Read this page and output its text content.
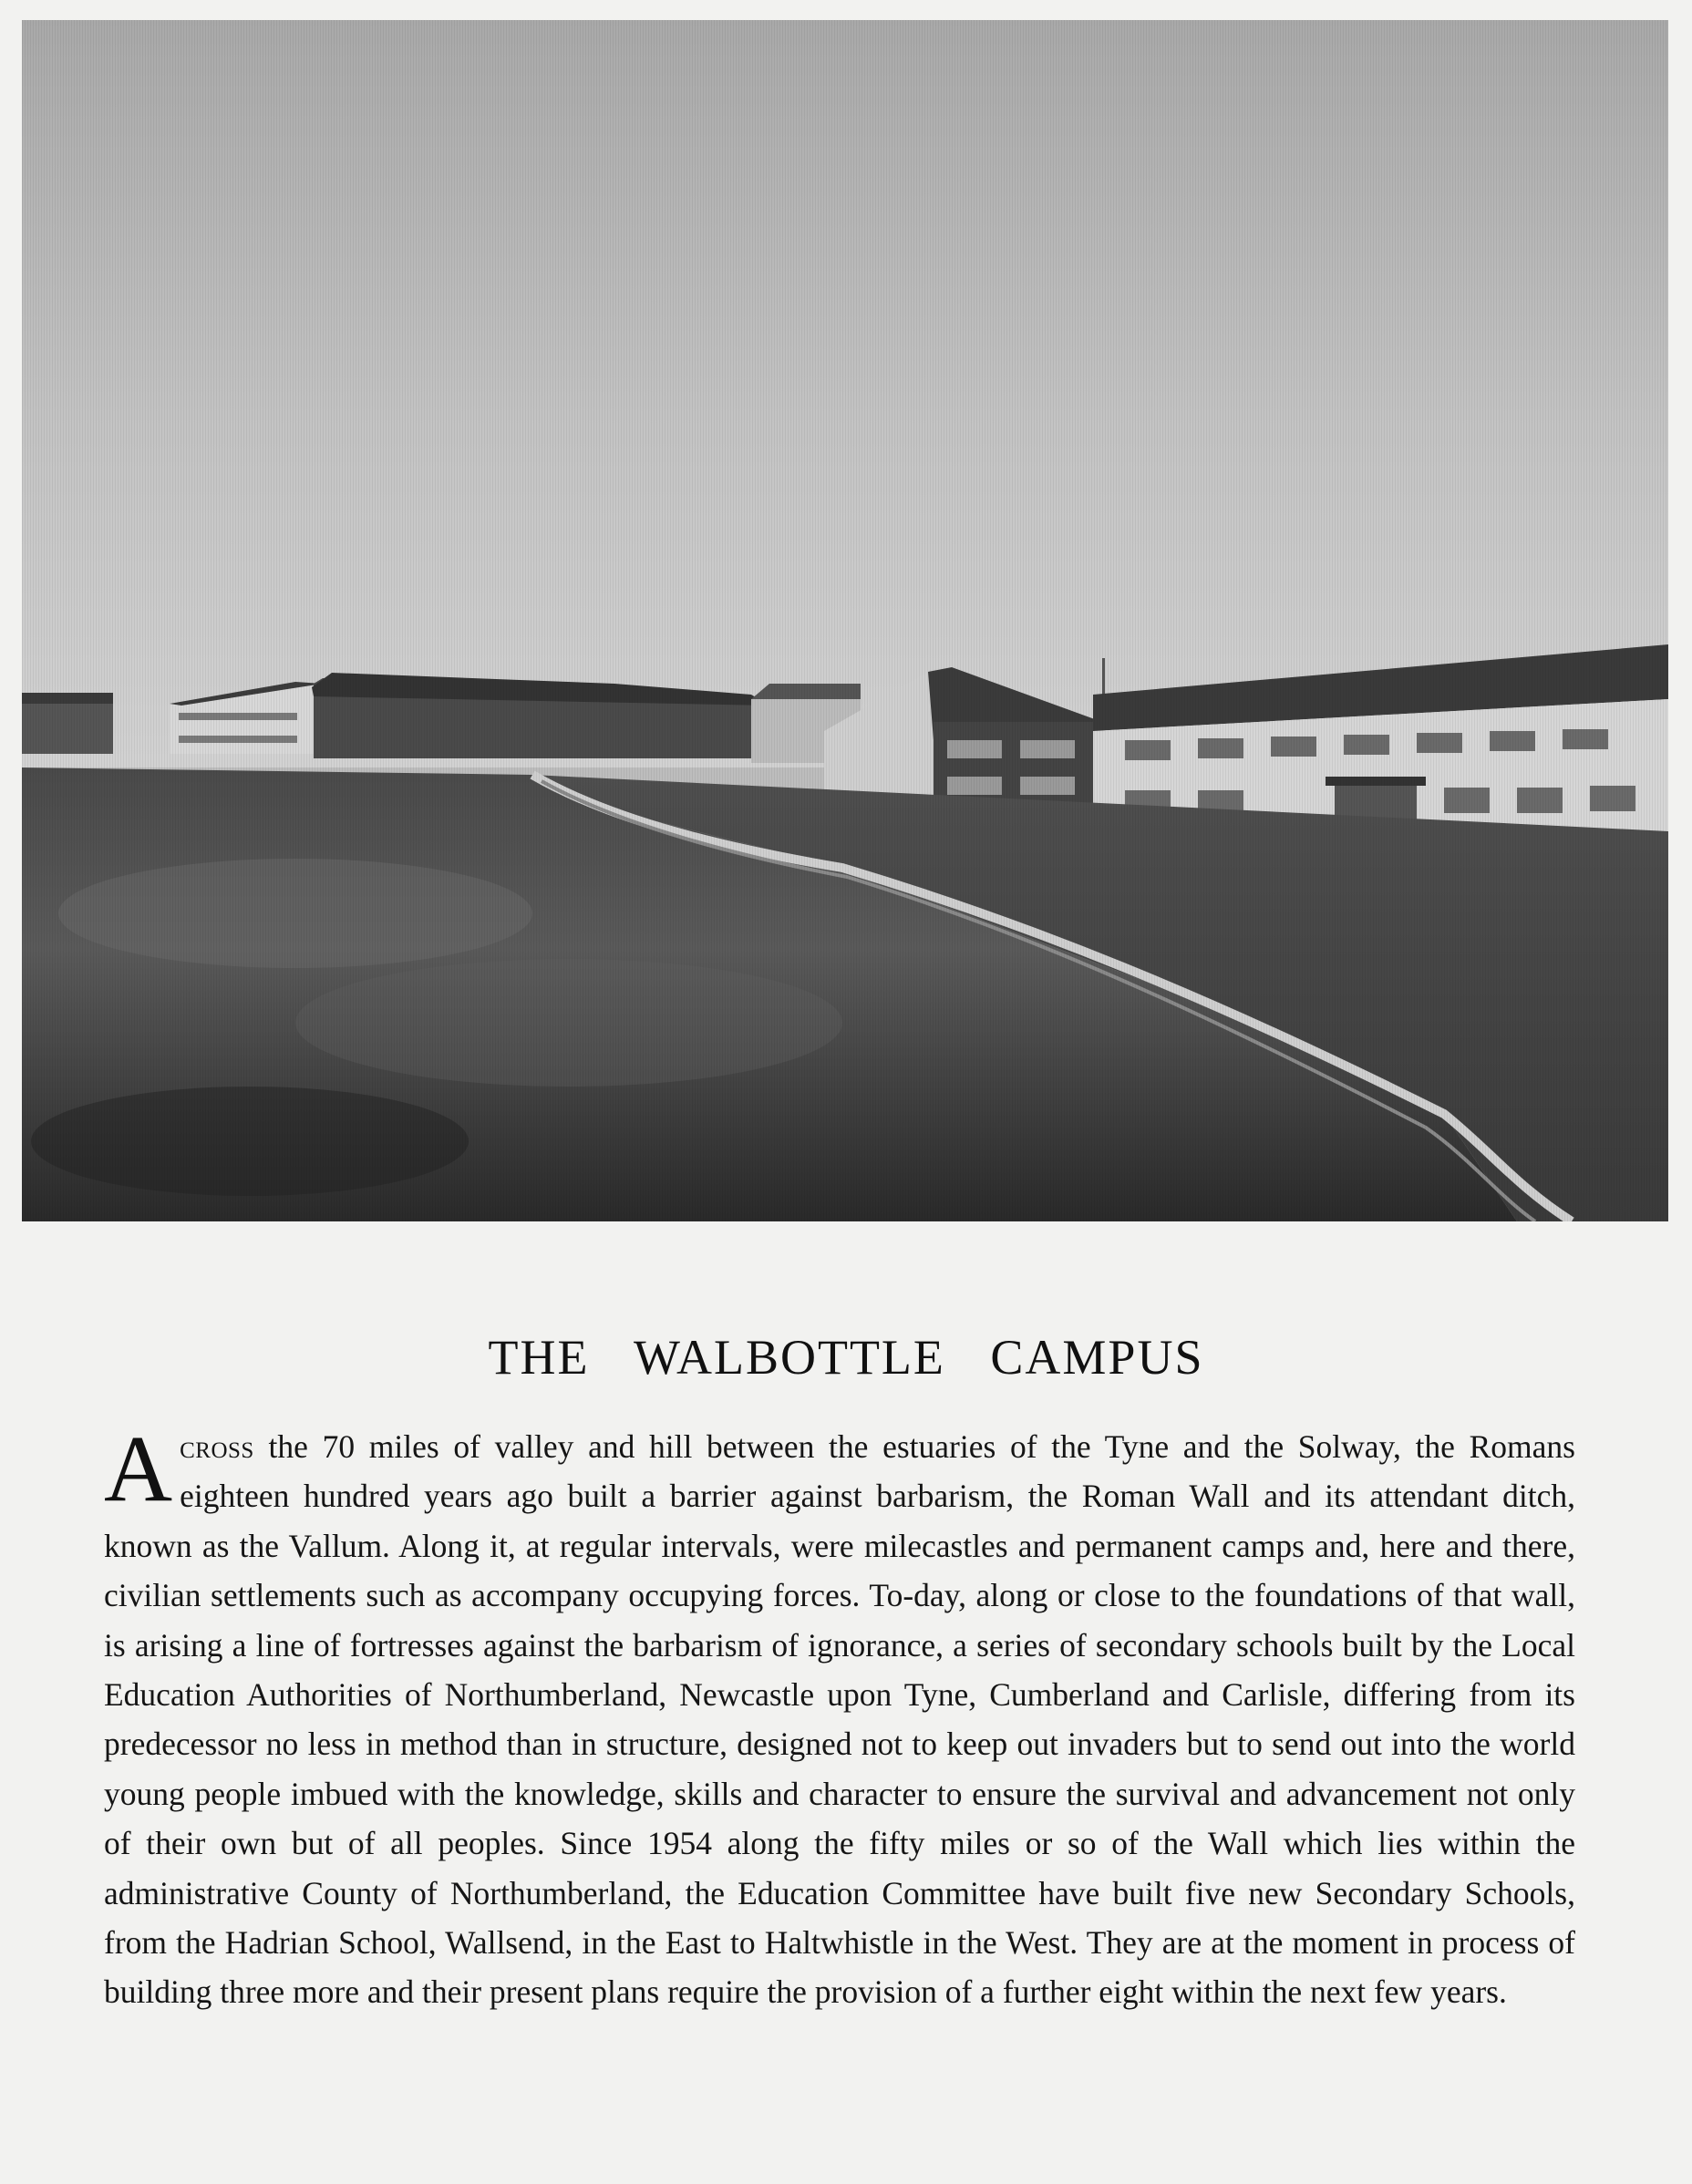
THE WALBOTTLE CAMPUS

Across the 70 miles of valley and hill between the estuaries of the Tyne and the Solway, the Romans eighteen hundred years ago built a barrier against barbarism, the Roman Wall and its attendant ditch, known as the Vallum. Along it, at regular intervals, were milecastles and permanent camps and, here and there, civilian settlements such as accompany occupying forces. To-day, along or close to the foundations of that wall, is arising a line of fortresses against the barbarism of ignorance, a series of secondary schools built by the Local Education Authorities of Northumberland, Newcastle upon Tyne, Cumberland and Carlisle, differing from its predecessor no less in method than in structure, designed not to keep out invaders but to send out into the world young people imbued with the knowledge, skills and character to ensure the survival and advancement not only of their own but of all peoples. Since 1954 along the fifty miles or so of the Wall which lies within the administrative County of Northumberland, the Education Committee have built five new Secondary Schools, from the Hadrian School, Wallsend, in the East to Haltwhistle in the West. They are at the moment in process of building three more and their present plans require the provision of a further eight within the next few years.
